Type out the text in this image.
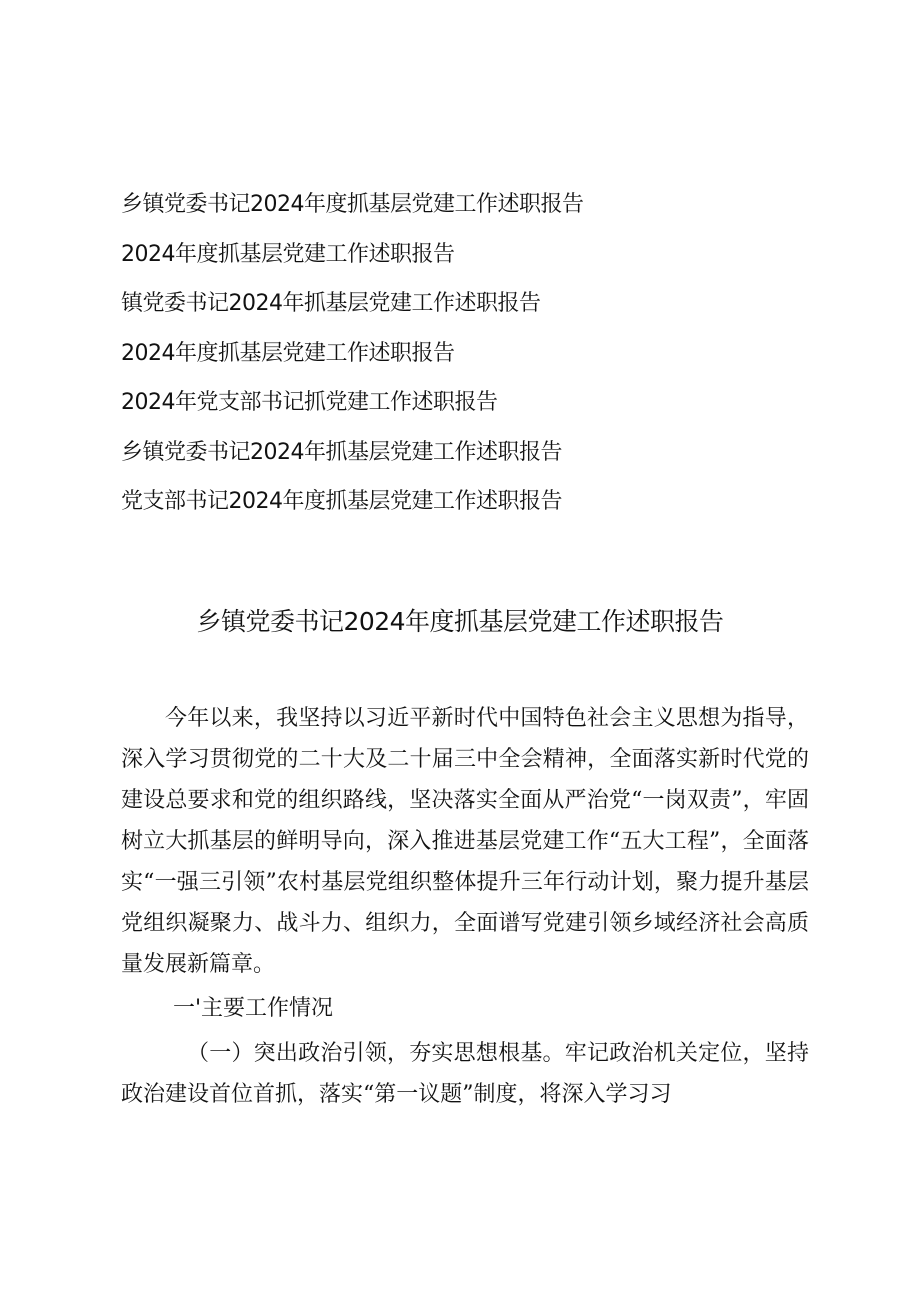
乡镇党委书记2024年度抓基层党建工作述职报告
2024年度抓基层党建工作述职报告
镇党委书记2024年抓基层党建工作述职报告
2024年度抓基层党建工作述职报告
2024年党支部书记抓党建工作述职报告
乡镇党委书记2024年抓基层党建工作述职报告
党支部书记2024年度抓基层党建工作述职报告
乡镇党委书记2024年度抓基层党建工作述职报告

今年以来，我坚持以习近平新时代中国特色社会主义思想为指导，深入学习贯彻党的二十大及二十届三中全会精神，全面落实新时代党的建设总要求和党的组织路线，坚决落实全面从严治党“一岗双责”，牢固树立大抓基层的鲜明导向，深入推进基层党建工作“五大工程”，全面落实“一强三引领”农村基层党组织整体提升三年行动计划，聚力提升基层党组织凝聚力、战斗力、组织力，全面谱写党建引领乡域经济社会高质量发展新篇章。

一'主要工作情况

（一）突出政治引领，夯实思想根基。牢记政治机关定位，坚持政治建设首位首抓，落实“第一议题”制度，将深入学习习
